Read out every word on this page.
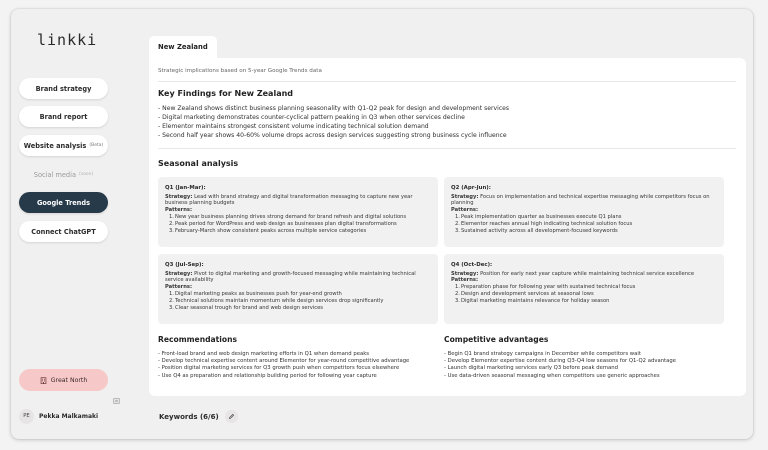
linkki
Brand strategy
Brand report
Website analysis (Beta)
Social media (soon)
Google Trends
Connect ChatGPT
Great North
PE	Pekka Malkamaki
New Zealand
Strategic implications based on 5-year Google Trends data
Key Findings for New Zealand
- New Zealand shows distinct business planning seasonality with Q1-Q2 peak for design and development services
- Digital marketing demonstrates counter-cyclical pattern peaking in Q3 when other services decline
- Elementor maintains strongest consistent volume indicating technical solution demand
- Second half year shows 40-60% volume drops across design services suggesting strong business cycle influence
Seasonal analysis
Q1 (Jan-Mar):
Strategy: Lead with brand strategy and digital transformation messaging to capture new year business planning budgets
Patterns:
1.New year business planning drives strong demand for brand refresh and digital solutions
2.Peak period for WordPress and web design as businesses plan digital transformations
3.February-March show consistent peaks across multiple service categories
Q2 (Apr-Jun):
Strategy: Focus on implementation and technical expertise messaging while competitors focus on planning
Patterns:
1.Peak implementation quarter as businesses execute Q1 plans
2.Elementor reaches annual high indicating technical solution focus
3.Sustained activity across all development-focused keywords
Q3 (Jul-Sep):
Strategy: Pivot to digital marketing and growth-focused messaging while maintaining technical service availability
Patterns:
1.Digital marketing peaks as businesses push for year-end growth
2.Technical solutions maintain momentum while design services drop significantly
3.Clear seasonal trough for brand and web design services
Q4 (Oct-Dec):
Strategy: Position for early next year capture while maintaining technical service excellence
Patterns:
1.Preparation phase for following year with sustained technical focus
2.Design and development services at seasonal lows
3.Digital marketing maintains relevance for holiday season
Recommendations
- Front-load brand and web design marketing efforts in Q1 when demand peaks
- Develop technical expertise content around Elementor for year-round competitive advantage
- Position digital marketing services for Q3 growth push when competitors focus elsewhere
- Use Q4 as preparation and relationship building period for following year capture
Competitive advantages
- Begin Q1 brand strategy campaigns in December while competitors wait
- Develop Elementor expertise content during Q3-Q4 low seasons for Q1-Q2 advantage
- Launch digital marketing services early Q3 before peak demand
- Use data-driven seasonal messaging when competitors use generic approaches
Keywords (6/6)
